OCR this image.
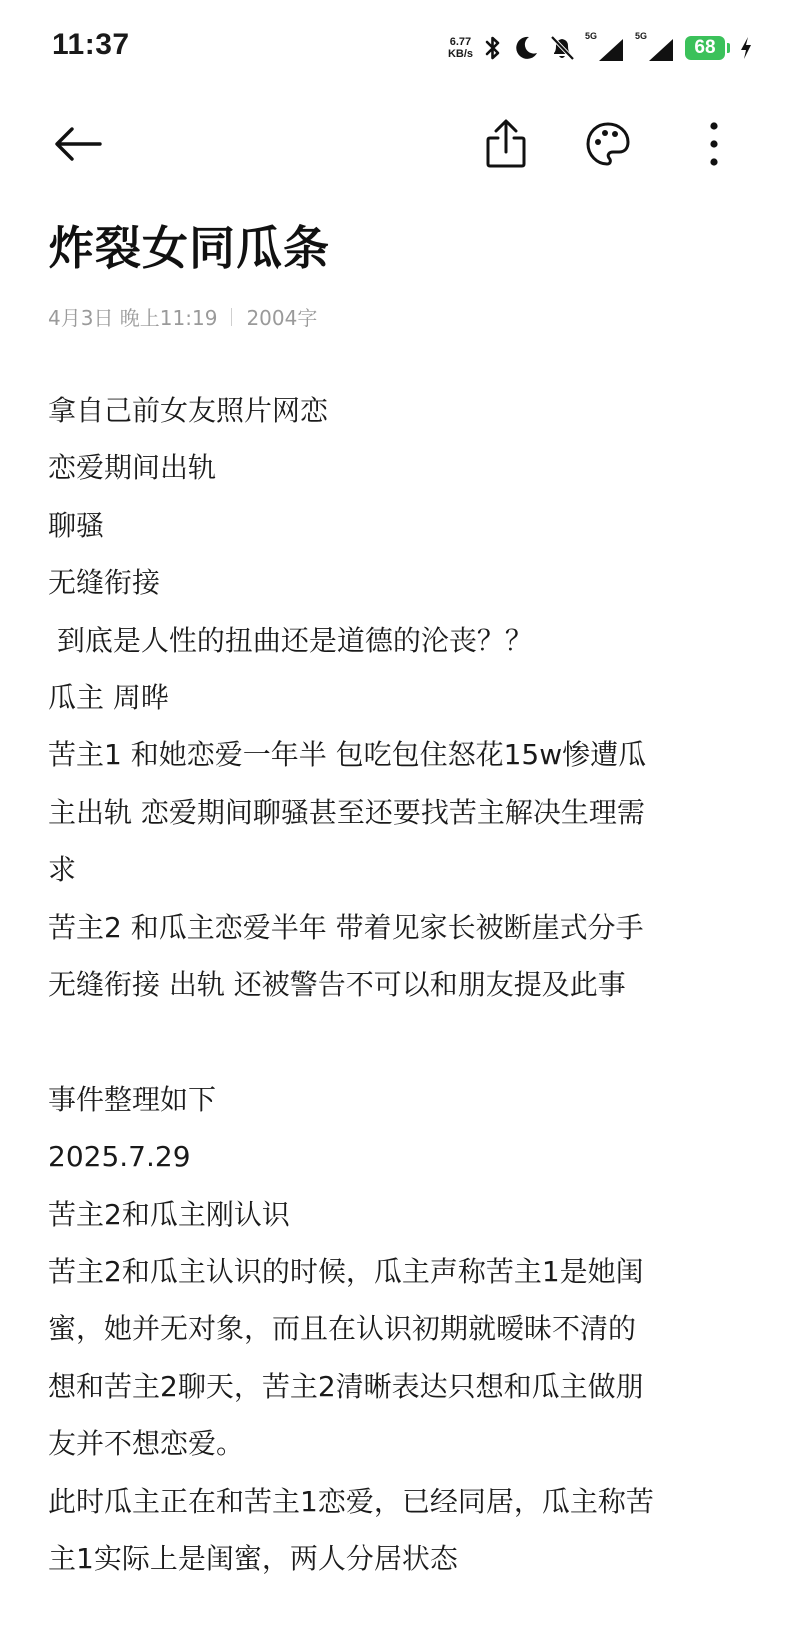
11:37	6.77
KB/s
5G	5G
68
炸裂女同瓜条
4月3日 晚上11:19 2004字

拿自己前女友照片网恋

恋爱期间出轨

聊骚

无缝衔接

到底是人性的扭曲还是道德的沦丧？？

瓜主 周晔

苦主1 和她恋爱一年半 包吃包住怒花15w惨遭瓜

主出轨 恋爱期间聊骚甚至还要找苦主解决生理需

求

苦主2 和瓜主恋爱半年 带着见家长被断崖式分手

无缝衔接 出轨 还被警告不可以和朋友提及此事

事件整理如下

2025.7.29

苦主2和瓜主刚认识

苦主2和瓜主认识的时候，瓜主声称苦主1是她闺

蜜，她并无对象，而且在认识初期就暧昧不清的

想和苦主2聊天，苦主2清晰表达只想和瓜主做朋

友并不想恋爱。

此时瓜主正在和苦主1恋爱，已经同居，瓜主称苦

主1实际上是闺蜜，两人分居状态
